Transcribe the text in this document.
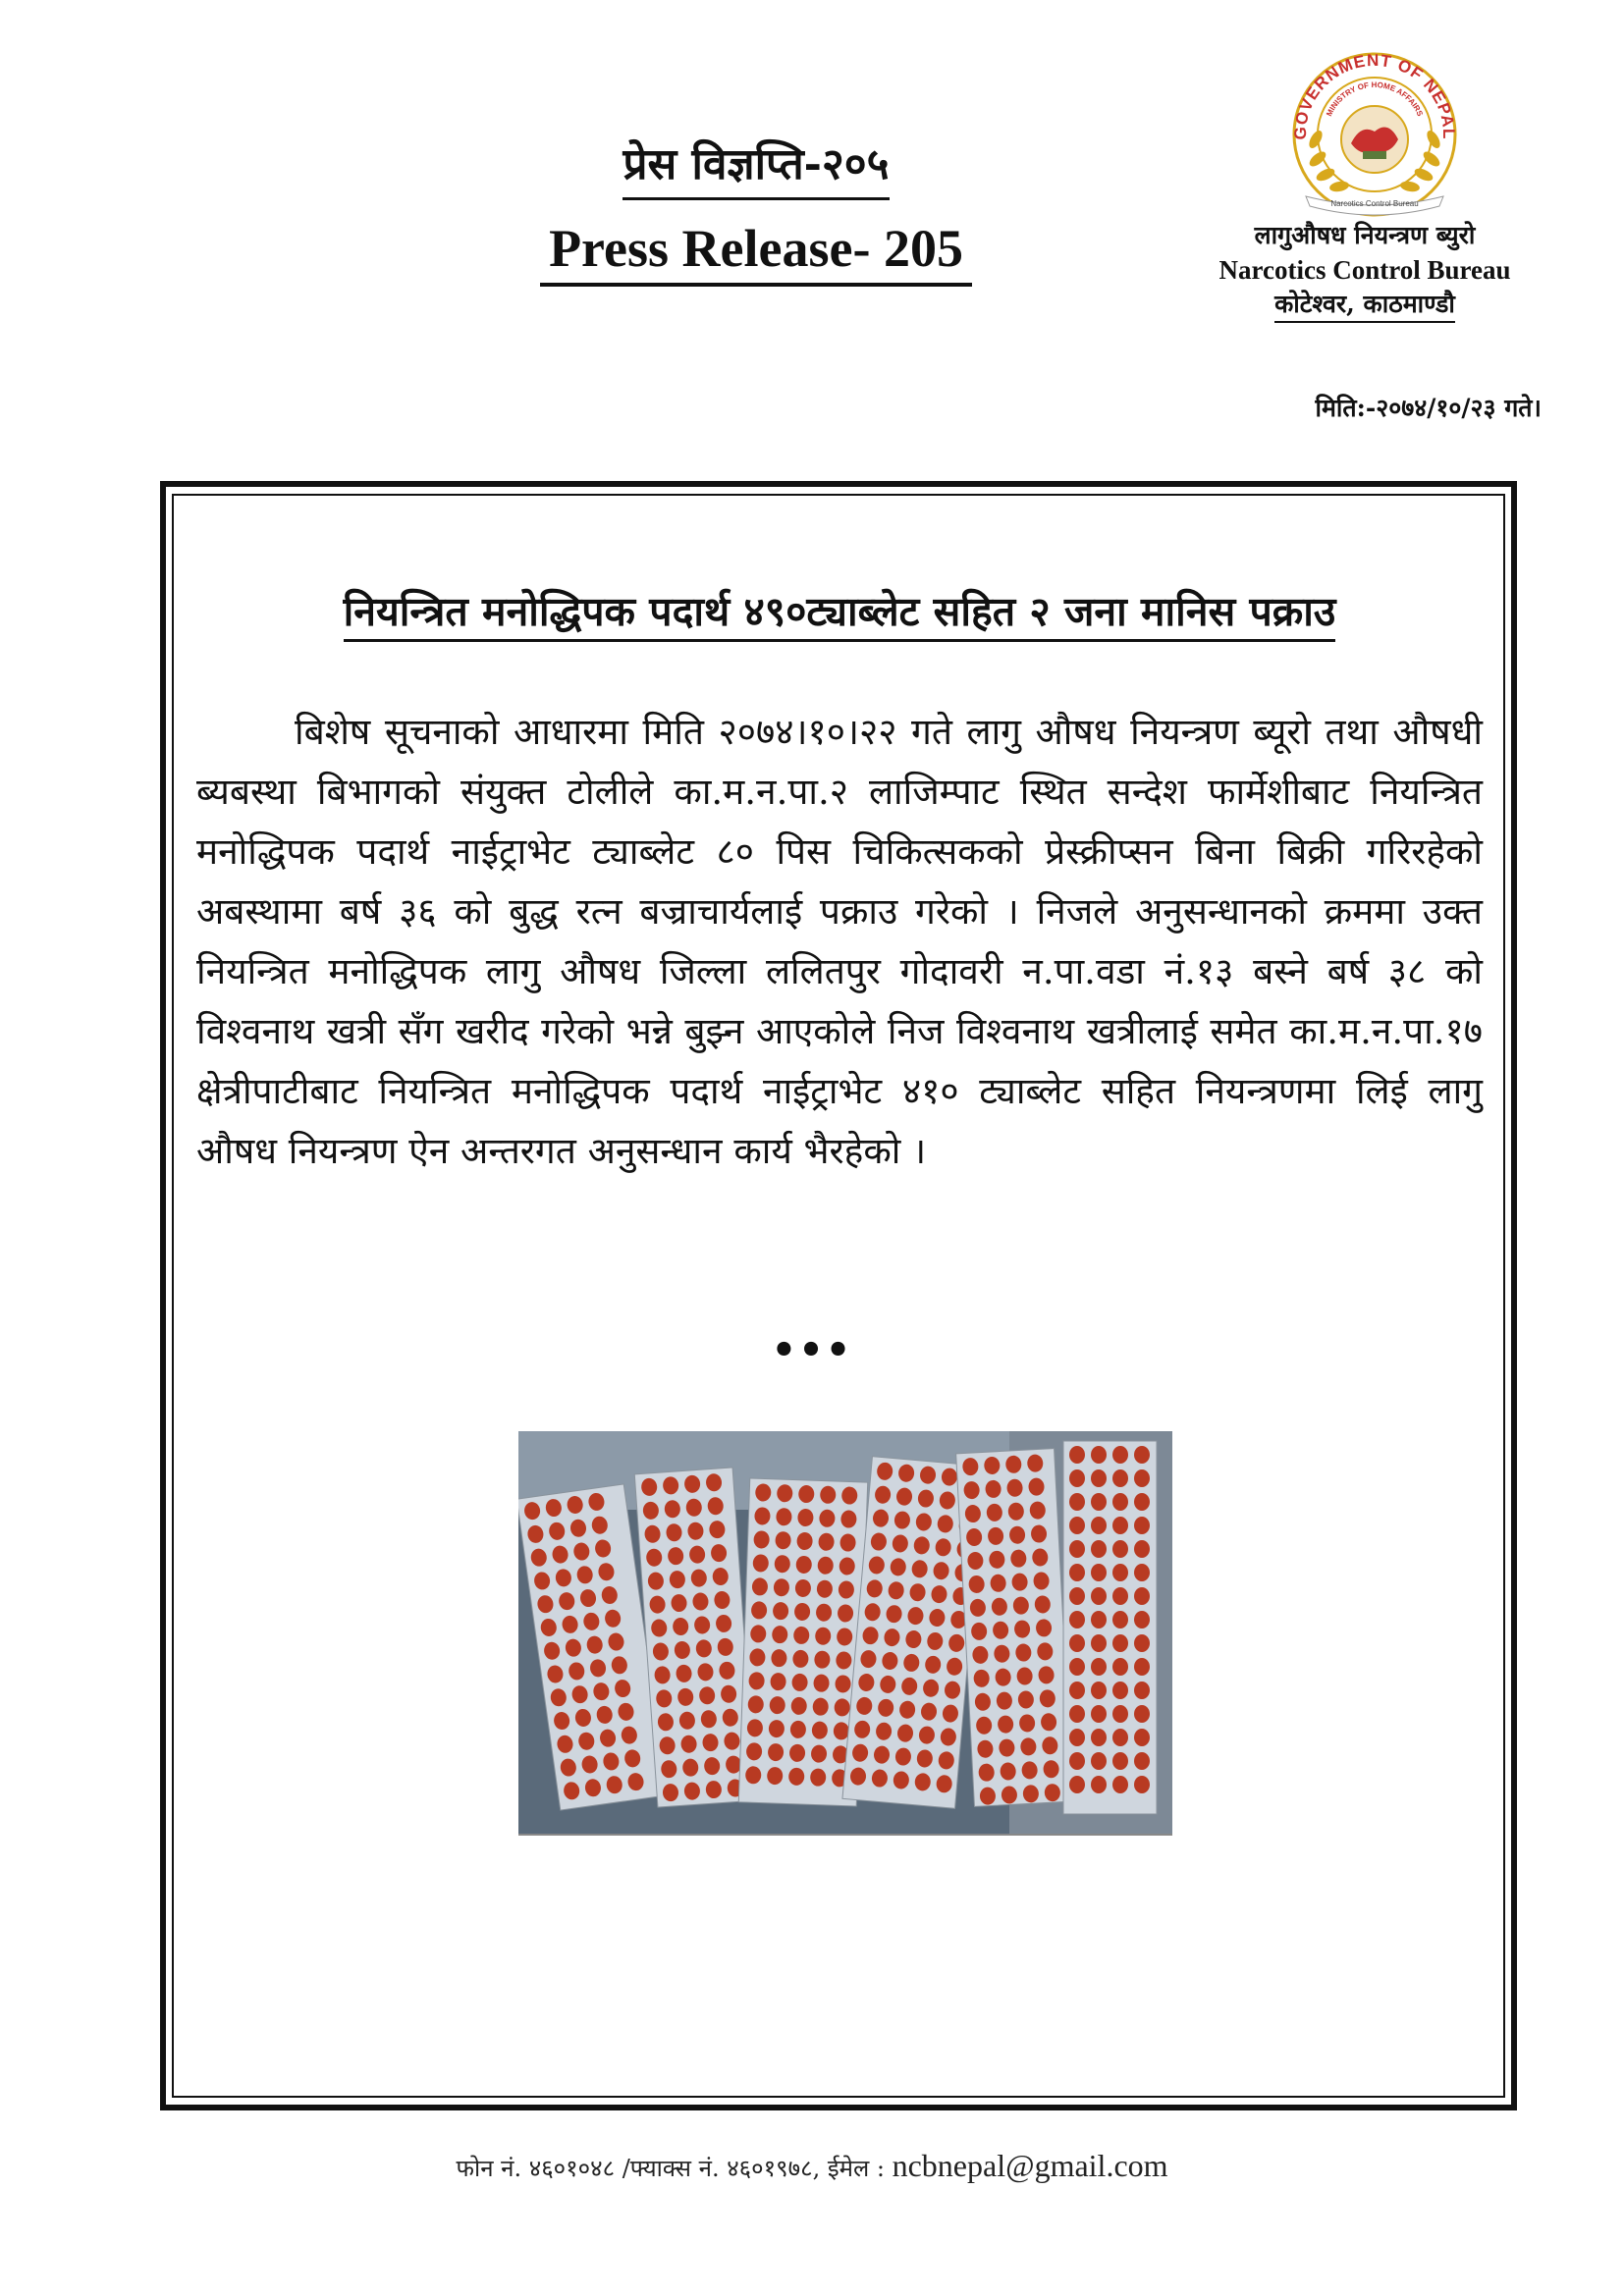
प्रेस विज्ञप्ति-२०५
Press Release- 205
GOVERNMENT OF NEPAL
MINISTRY OF HOME AFFAIRS
Narcotics Control Bureau
लागुऔषध नियन्त्रण ब्युरो
Narcotics Control Bureau
कोटेश्वर, काठमाण्डौ
मिति:-२०७४/१०/२३ गते।
नियन्त्रित मनोद्धिपक पदार्थ ४९०ट्याब्लेट सहित २ जना मानिस पक्राउ
बिशेष सूचनाको आधारमा मिति २०७४।१०।२२ गते लागु औषध नियन्त्रण ब्यूरो तथा औषधी ब्यबस्था बिभागको संयुक्त टोलीले का.म.न.पा.२ लाजिम्पाट स्थित सन्देश फार्मेशीबाट नियन्त्रित मनोद्धिपक पदार्थ नाईट्राभेट ट्याब्लेट ८० पिस चिकित्सकको प्रेस्क्रीप्सन बिना बिक्री गरिरहेको अबस्थामा बर्ष ३६ को बुद्ध रत्न बज्राचार्यलाई पक्राउ गरेको । निजले अनुसन्धानको क्रममा उक्त नियन्त्रित मनोद्धिपक लागु औषध जिल्ला ललितपुर गोदावरी न.पा.वडा नं.१३ बस्ने बर्ष ३८ को विश्वनाथ खत्री सँग खरीद गरेको भन्ने बुझ्न आएकोले निज विश्वनाथ खत्रीलाई समेत का.म.न.पा.१७ क्षेत्रीपाटीबाट नियन्त्रित मनोद्धिपक पदार्थ नाईट्राभेट ४१० ट्याब्लेट सहित नियन्त्रणमा लिई लागु औषध नियन्त्रण ऐन अन्तरगत अनुसन्धान कार्य भैरहेको ।
•••
फोन नं. ४६०१०४८ /फ्याक्स नं. ४६०१९७८, ईमेल : ncbnepal@gmail.com
